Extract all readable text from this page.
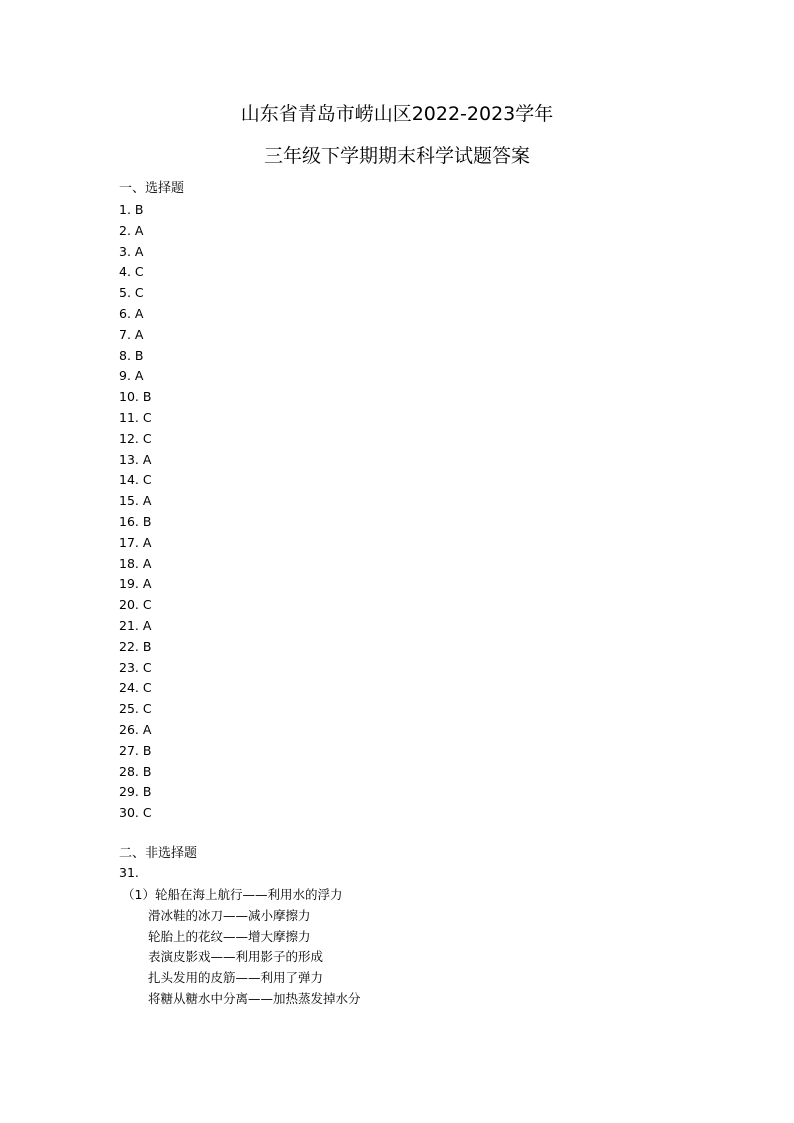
山东省青岛市崂山区2022-2023学年
三年级下学期期末科学试题答案
一、选择题
1. B
2. A
3. A
4. C
5. C
6. A
7. A
8. B
9. A
10. B
11. C
12. C
13. A
14. C
15. A
16. B
17. A
18. A
19. A
20. C
21. A
22. B
23. C
24. C
25. C
26. A
27. B
28. B
29. B
30. C
二、非选择题
31.
（1）轮船在海上航行——利用水的浮力
滑冰鞋的冰刀——减小摩擦力
轮胎上的花纹——增大摩擦力
表演皮影戏——利用影子的形成
扎头发用的皮筋——利用了弹力
将糖从糖水中分离——加热蒸发掉水分
